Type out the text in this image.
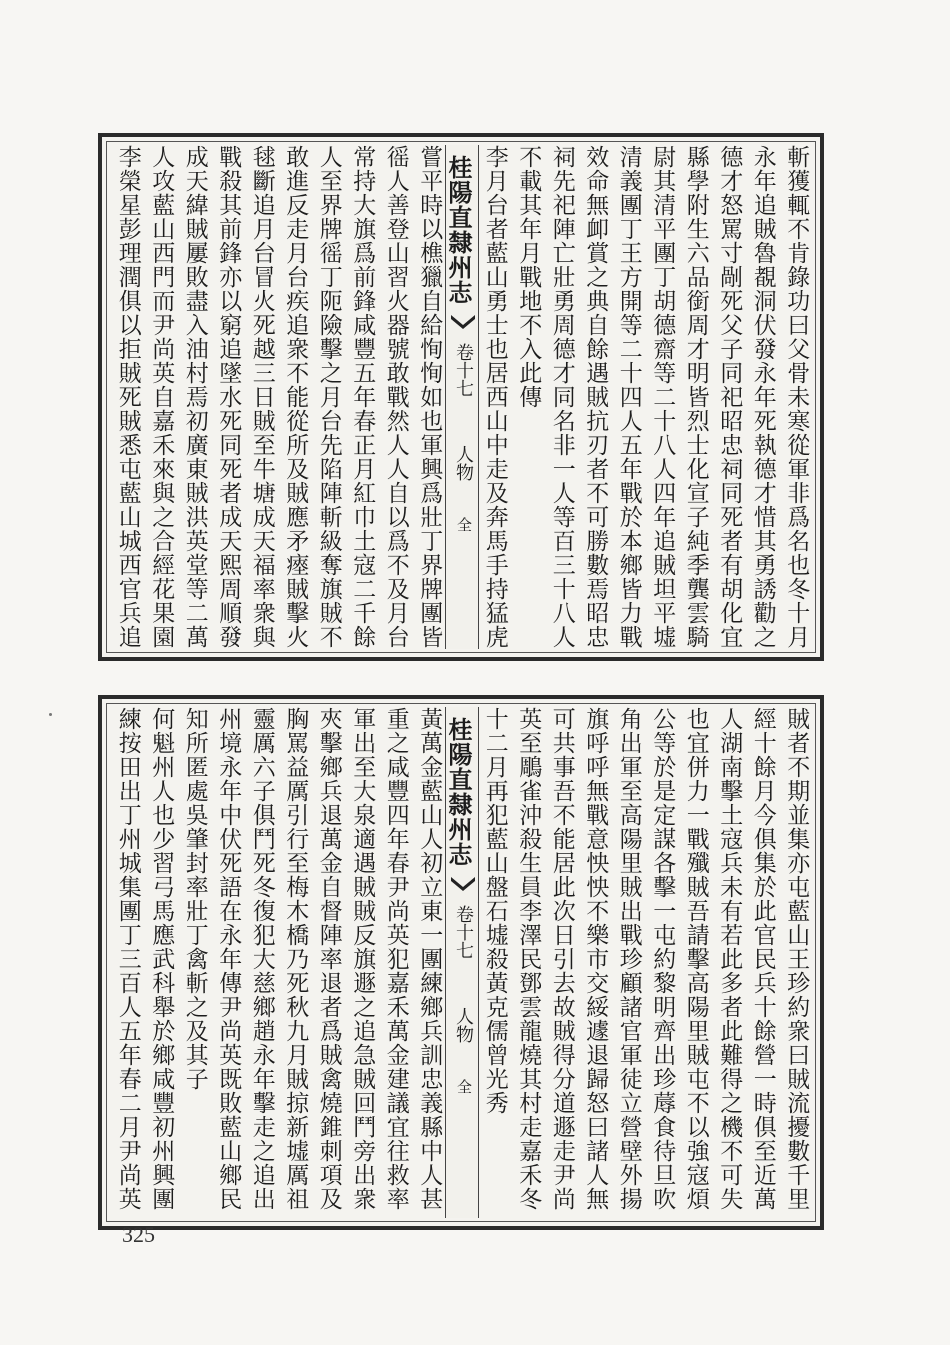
斬獲輒不肯錄功曰父骨未寒從軍非爲名也冬十月
永年追賊魯覩洞伏發永年死執德才惜其勇誘勸之
德才怒罵寸剮死父子同祀昭忠祠同死者有胡化宜
縣學附生六品銜周才明皆烈士化宣子純季龔雲騎
尉其清平團丁胡德齋等二十八人四年追賊坦平墟
清義團丁王方開等二十四人五年戰於本鄉皆力戰
效命無卹賞之典自餘遇賊抗刃者不可勝數焉昭忠
祠先祀陣亡壯勇周德才同名非一人等百三十八人
不載其年月戰地不入此傳
李月台者藍山勇士也居西山中走及奔馬手持猛虎
桂陽直隸州志
卷十七
人物
全
嘗平時以樵獵自給恂恂如也軍興爲壯丁界牌團皆
徭人善登山習火器號敢戰然人人自以爲不及月台
常持大旗爲前鋒咸豐五年春正月紅巾土寇二千餘
人至界牌徭丁阨險擊之月台先陷陣斬級奪旗賊不
敢進反走月台疾追衆不能從所及賊應矛瘞賊擊火
毬斷追月台冒火死越三日賊至牛塘成天福率衆與
戰殺其前鋒亦以窮追墜水死同死者成天熙周順發
成天緯賊屢敗盡入油村焉初廣東賊洪英堂等二萬
人攻藍山西門而尹尚英自嘉禾來與之合經花果園
李榮星彭理潤俱以拒賊死賊悉屯藍山城西官兵追
賊者不期並集亦屯藍山王珍約衆曰賊流擾數千里
經十餘月今俱集於此官民兵十餘營一時俱至近萬
人湖南擊土寇兵未有若此多者此難得之機不可失
也宜併力一戰殲賊吾請擊高陽里賊屯不以強寇煩
公等於是定謀各擊一屯約黎明齊出珍蓐食待旦吹
角出軍至高陽里賊出戰珍顧諸官軍徒立營壁外揚
旗呼呼無戰意怏怏不樂市交綏遽退歸怒曰諸人無
可共事吾不能居此次日引去故賊得分道遯走尹尚
英至鵰雀沖殺生員李澤民鄧雲龍燒其村走嘉禾冬
十二月再犯藍山盤石墟殺黃克儒曾光秀
桂陽直隸州志
卷十七
人物
全
黃萬金藍山人初立東一團練鄉兵訓忠義縣中人甚
重之咸豐四年春尹尚英犯嘉禾萬金建議宜往救率
軍出至大泉適遇賊賊反旗遯之追急賊回鬥旁出衆
夾擊鄉兵退萬金自督陣率退者爲賊禽燒錐刺項及
胸罵益厲引行至梅木橋乃死秋九月賊掠新墟厲祖
靈厲六子俱鬥死冬復犯大慈鄉趙永年擊走之追出
州境永年中伏死語在永年傳尹尚英既敗藍山鄉民
知所匿處吳肇封率壯丁禽斬之及其子
何魁州人也少習弓馬應武科舉於鄉咸豐初州興團
練按田出丁州城集團丁三百人五年春二月尹尚英
325
